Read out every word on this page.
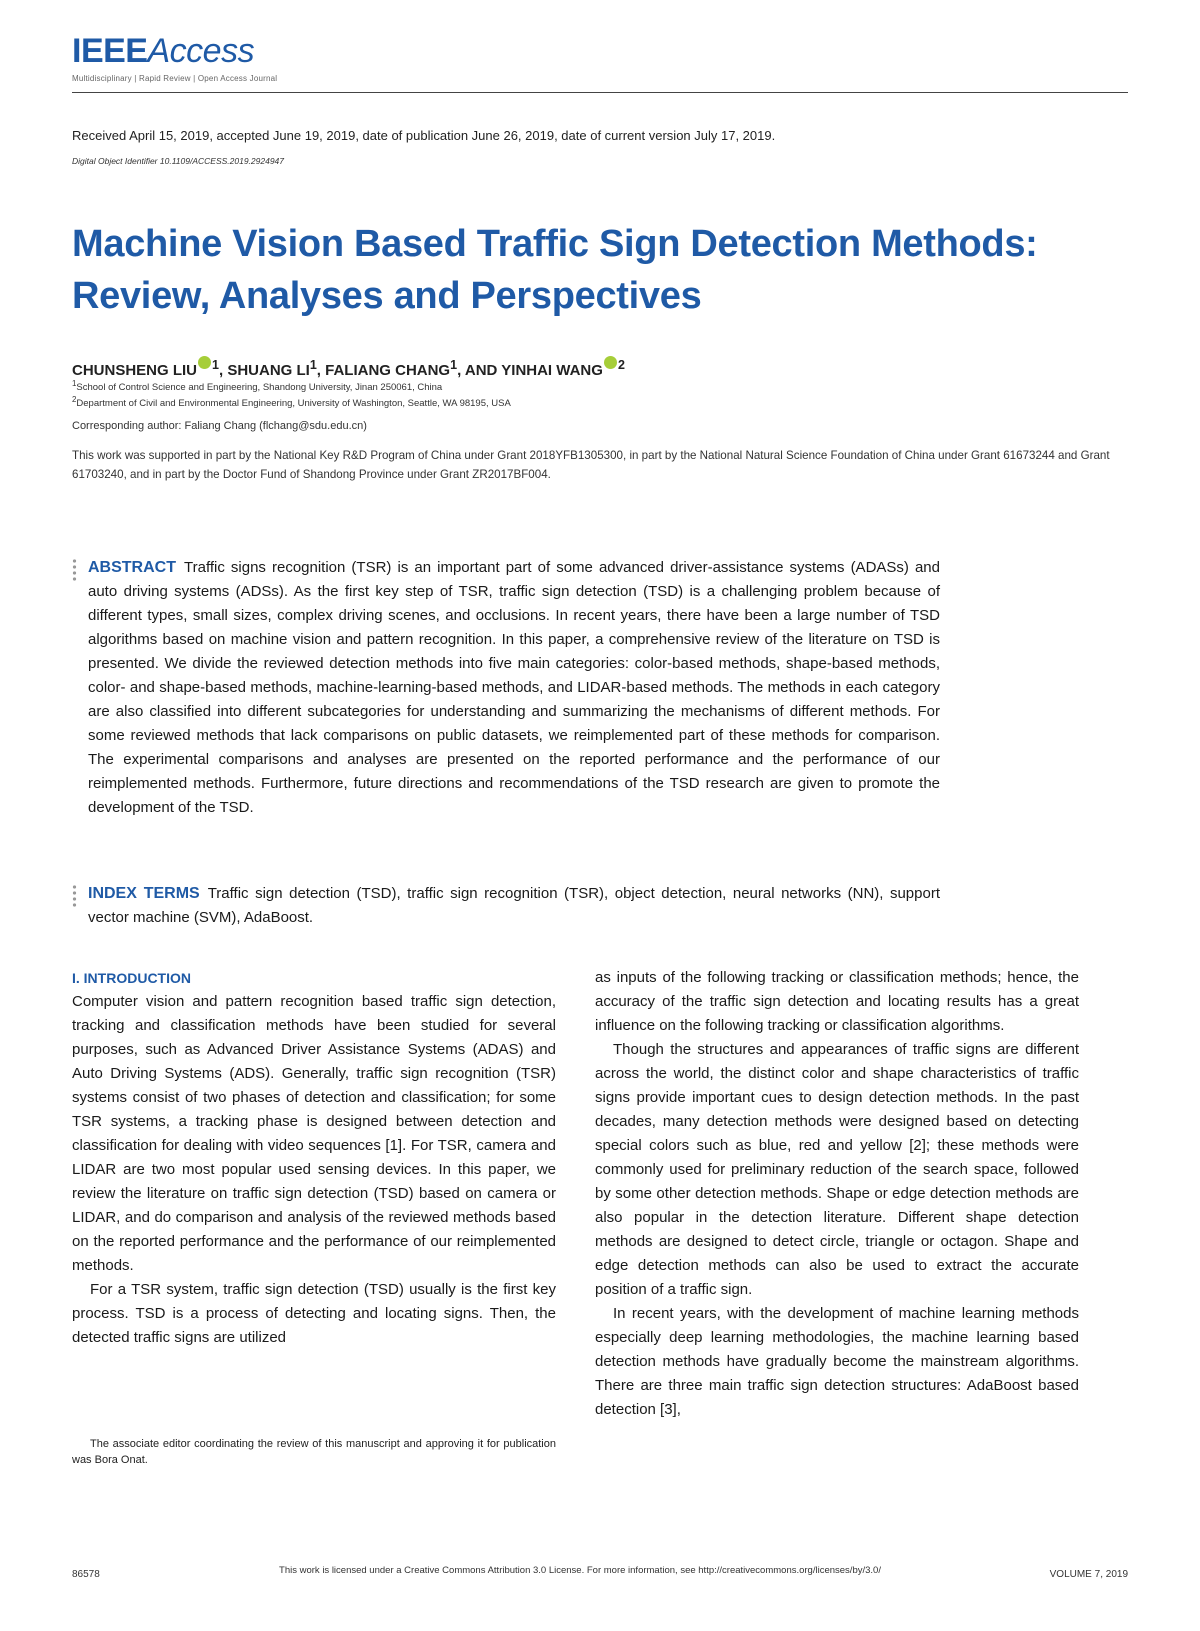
IEEEAccess
Multidisciplinary | Rapid Review | Open Access Journal
Received April 15, 2019, accepted June 19, 2019, date of publication June 26, 2019, date of current version July 17, 2019.
Digital Object Identifier 10.1109/ACCESS.2019.2924947
Machine Vision Based Traffic Sign Detection Methods: Review, Analyses and Perspectives
CHUNSHENG LIU $^1$, SHUANG $LI^1$, FALIANG CHANG$^1$, AND YINHAI WANG $^2$
$^1$School of Control Science and Engineering, Shandong University, Jinan 250061, China
$^2$Department of Civil and Environmental Engineering, University of Washington, Seattle, WA 98195, USA
Corresponding author: Faliang Chang (flchang@sdu.edu.cn)

This work was supported in part by the National Key R&D Program of China under Grant 2018YFB1305300, in part by the National Natural Science Foundation of China under Grant 61673244 and Grant 61703240, and in part by the Doctor Fund of Shandong Province under Grant ZR2017BF004.

ABSTRACT Traffic signs recognition (TSR) is an important part of some advanced driver-assistance systems (ADASs) and auto driving systems (ADSs). As the first key step of TSR, traffic sign detection (TSD) is a challenging problem because of different types, small sizes, complex driving scenes, and occlusions. In recent years, there have been a large number of TSD algorithms based on machine vision and pattern recognition. In this paper, a comprehensive review of the literature on TSD is presented. We divide the reviewed detection methods into five main categories: color-based methods, shape-based methods, color- and shape-based methods, machine-learning-based methods, and LIDAR-based methods. The methods in each category are also classified into different subcategories for understanding and summarizing the mechanisms of different methods. For some reviewed methods that lack comparisons on public datasets, we reimplemented part of these methods for comparison. The experimental comparisons and analyses are presented on the reported performance and the performance of our reimplemented methods. Furthermore, future directions and recommendations of the TSD research are given to promote the development of the TSD.

INDEX TERMS Traffic sign detection (TSD), traffic sign recognition (TSR), object detection, neural networks (NN), support vector machine (SVM), AdaBoost.

I. INTRODUCTION

Computer vision and pattern recognition based traffic sign detection, tracking and classification methods have been studied for several purposes, such as Advanced Driver Assistance Systems (ADAS) and Auto Driving Systems (ADS). Generally, traffic sign recognition (TSR) systems consist of two phases of detection and classification; for some TSR systems, a tracking phase is designed between detection and classification for dealing with video sequences [1]. For TSR, camera and LIDAR are two most popular used sensing devices. In this paper, we review the literature on traffic sign detection (TSD) based on camera or LIDAR, and do comparison and analysis of the reviewed methods based on the reported performance and the performance of our reimplemented methods.

For a TSR system, traffic sign detection (TSD) usually is the first key process. TSD is a process of detecting and locating signs. Then, the detected traffic signs are utilized

as inputs of the following tracking or classification methods; hence, the accuracy of the traffic sign detection and locating results has a great influence on the following tracking or classification algorithms.

Though the structures and appearances of traffic signs are different across the world, the distinct color and shape characteristics of traffic signs provide important cues to design detection methods. In the past decades, many detection methods were designed based on detecting special colors such as blue, red and yellow [2]; these methods were commonly used for preliminary reduction of the search space, followed by some other detection methods. Shape or edge detection methods are also popular in the detection literature. Different shape detection methods are designed to detect circle, triangle or octagon. Shape and edge detection methods can also be used to extract the accurate position of a traffic sign.

In recent years, with the development of machine learning methods especially deep learning methodologies, the machine learning based detection methods have gradually become the mainstream algorithms. There are three main traffic sign detection structures: AdaBoost based detection [3],

The associate editor coordinating the review of this manuscript and approving it for publication was Bora Onat.

86578	This work is licensed under a Creative Commons Attribution 3.0 License. For more information, see http://creativecommons.org/licenses/by/3.0/	VOLUME 7, 2019
